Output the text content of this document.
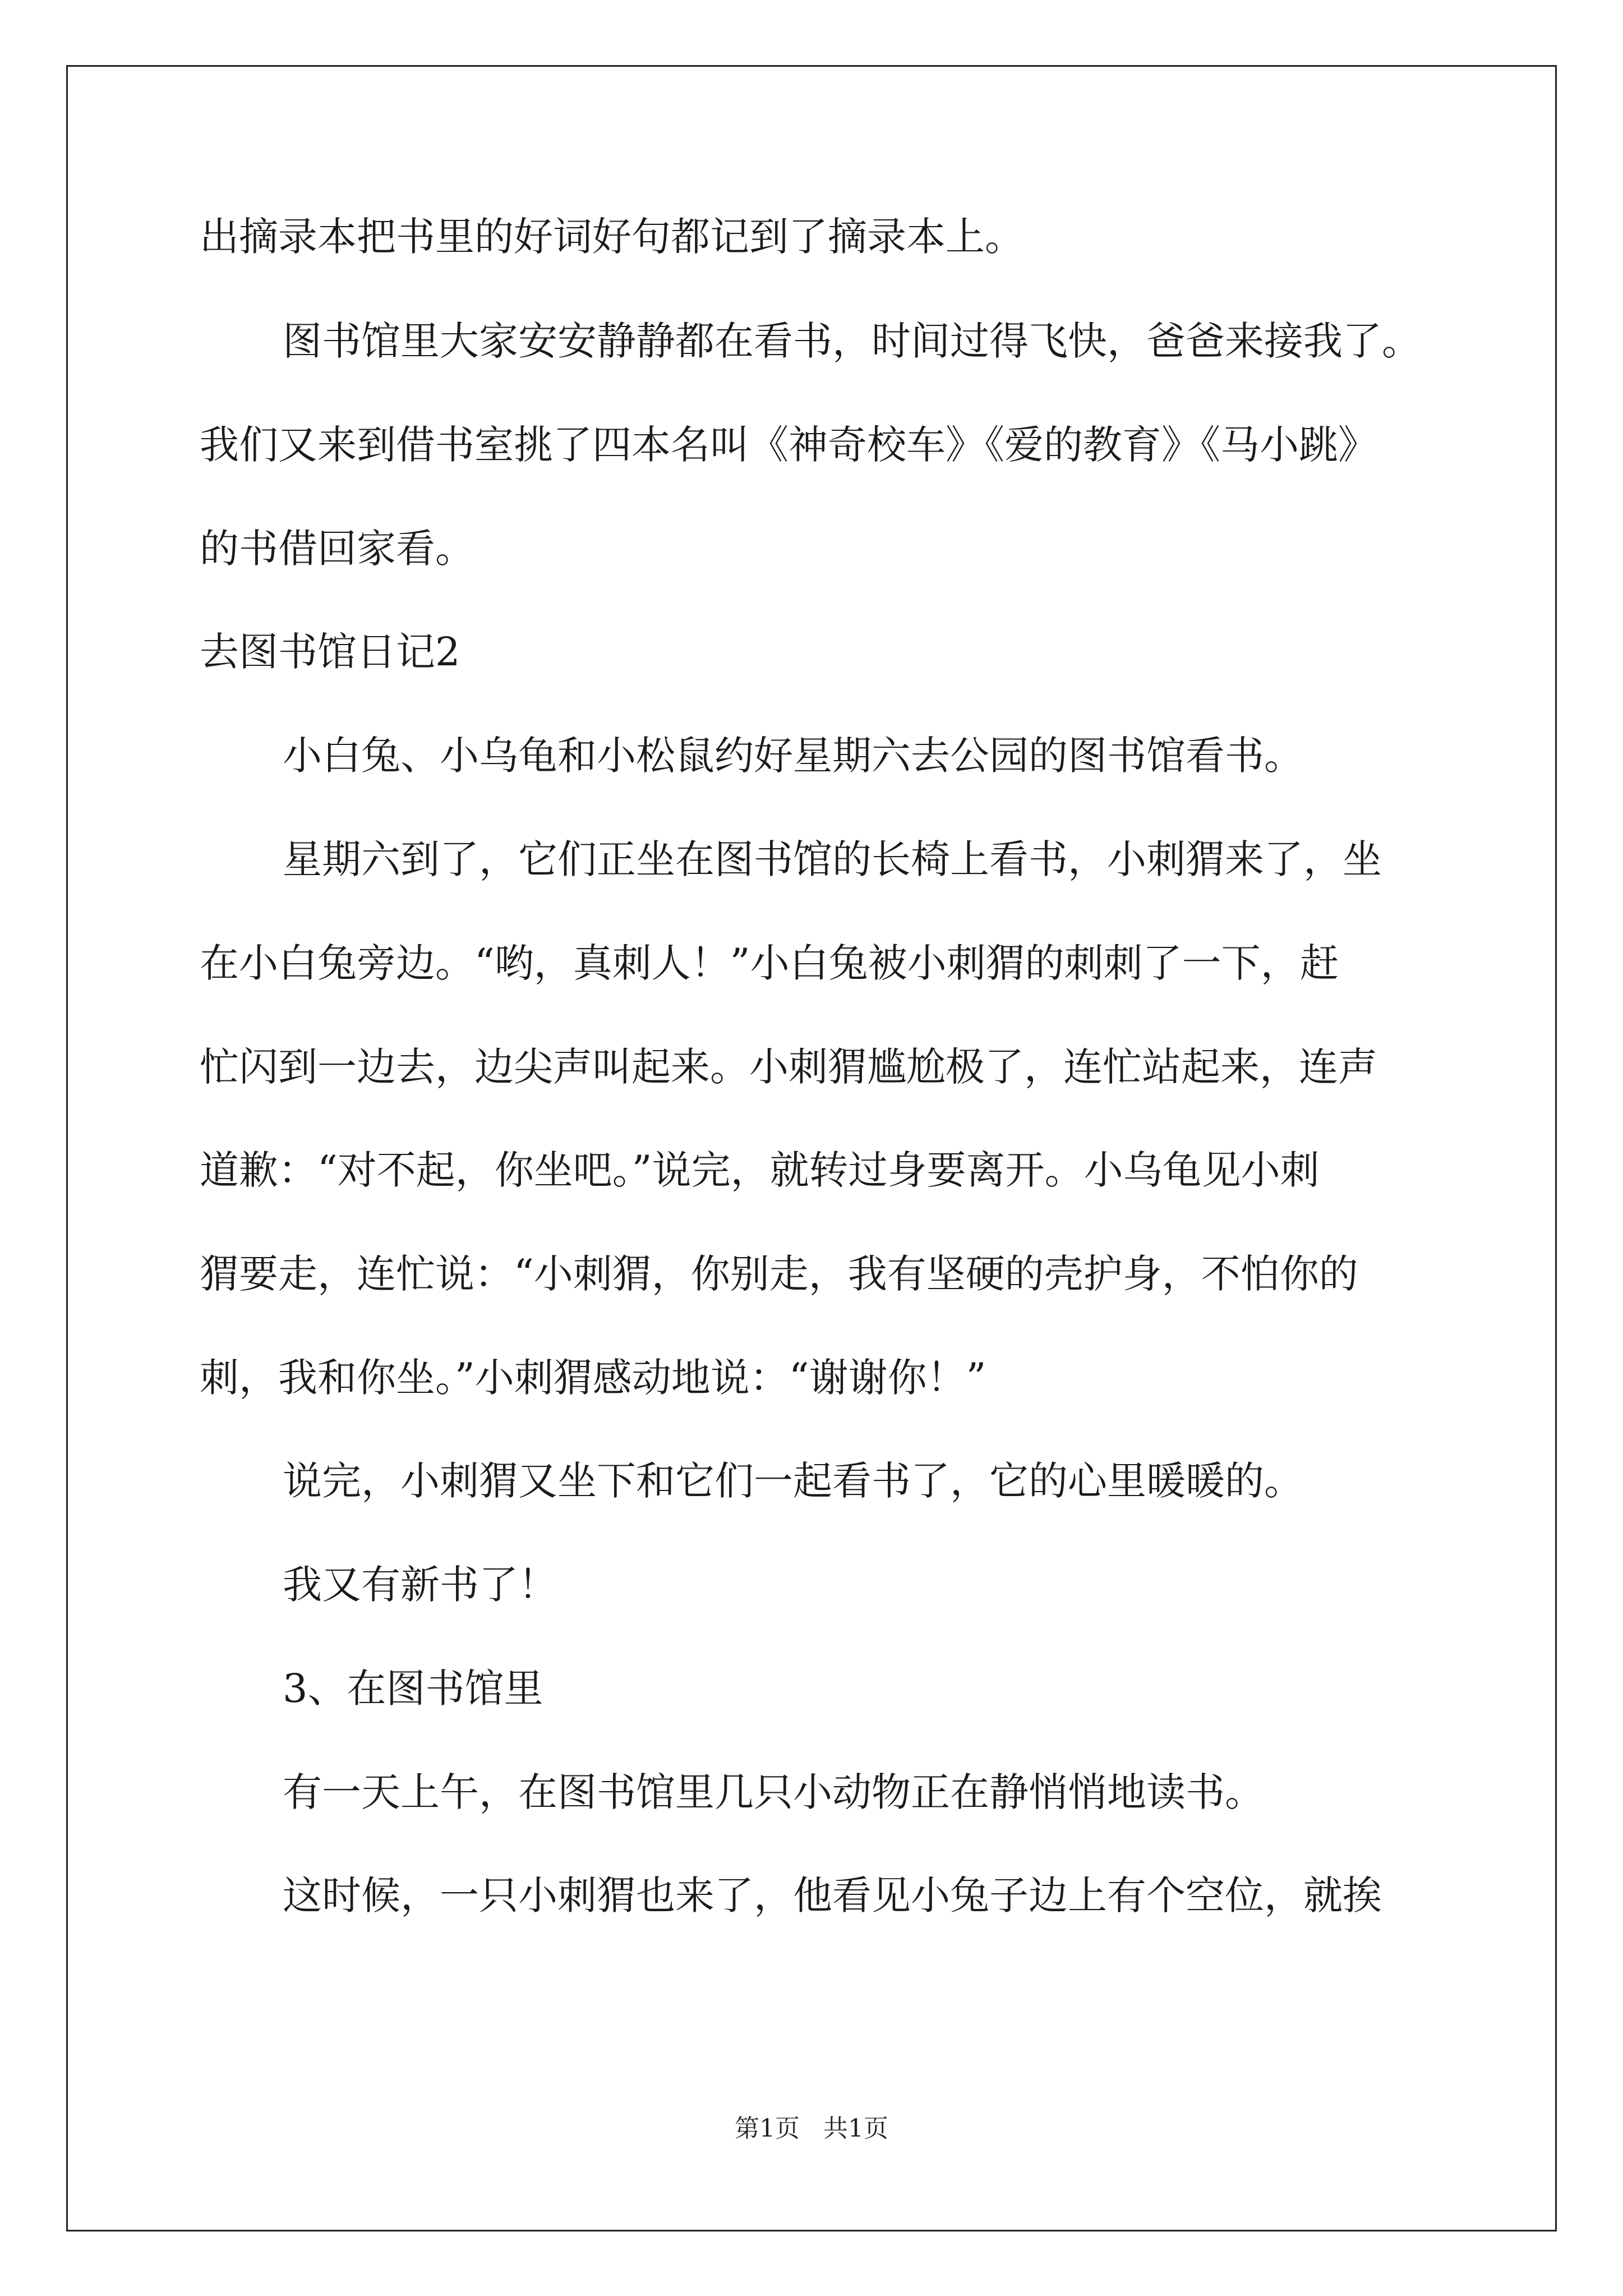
出摘录本把书里的好词好句都记到了摘录本上。
图书馆里大家安安静静都在看书，时间过得飞快，爸爸来接我了。
我们又来到借书室挑了四本名叫《神奇校车》《爱的教育》《马小跳》
的书借回家看。
去图书馆日记2
小白兔、小乌龟和小松鼠约好星期六去公园的图书馆看书。
星期六到了，它们正坐在图书馆的长椅上看书，小刺猬来了，坐
在小白兔旁边。“哟，真刺人！”小白兔被小刺猬的刺刺了一下，赶
忙闪到一边去，边尖声叫起来。小刺猬尴尬极了，连忙站起来，连声
道歉：“对不起，你坐吧。”说完，就转过身要离开。小乌龟见小刺
猬要走，连忙说：“小刺猬，你别走，我有坚硬的壳护身，不怕你的
刺，我和你坐。”小刺猬感动地说：“谢谢你！”
说完，小刺猬又坐下和它们一起看书了，它的心里暖暖的。
我又有新书了！
3、在图书馆里
有一天上午，在图书馆里几只小动物正在静悄悄地读书。
这时候，一只小刺猬也来了，他看见小兔子边上有个空位，就挨
第1页 共1页
